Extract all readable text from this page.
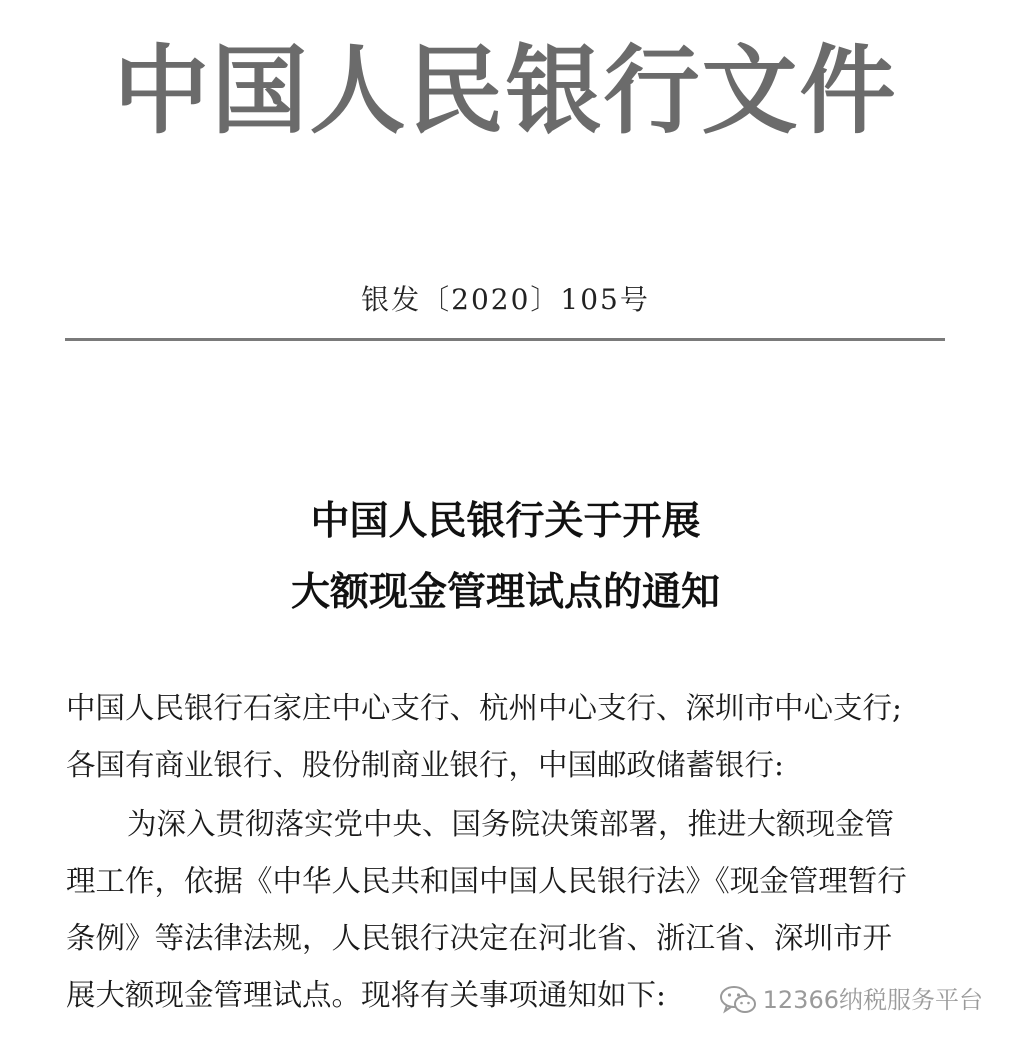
中国人民银行文件
银发〔2020〕105号
中国人民银行关于开展
大额现金管理试点的通知
中国人民银行石家庄中心支行、杭州中心支行、深圳市中心支行;
各国有商业银行、股份制商业银行，中国邮政储蓄银行:
为深入贯彻落实党中央、国务院决策部署，推进大额现金管
理工作，依据《中华人民共和国中国人民银行法》《现金管理暂行
条例》等法律法规，人民银行决定在河北省、浙江省、深圳市开
展大额现金管理试点。现将有关事项通知如下:	12366纳税服务平台
